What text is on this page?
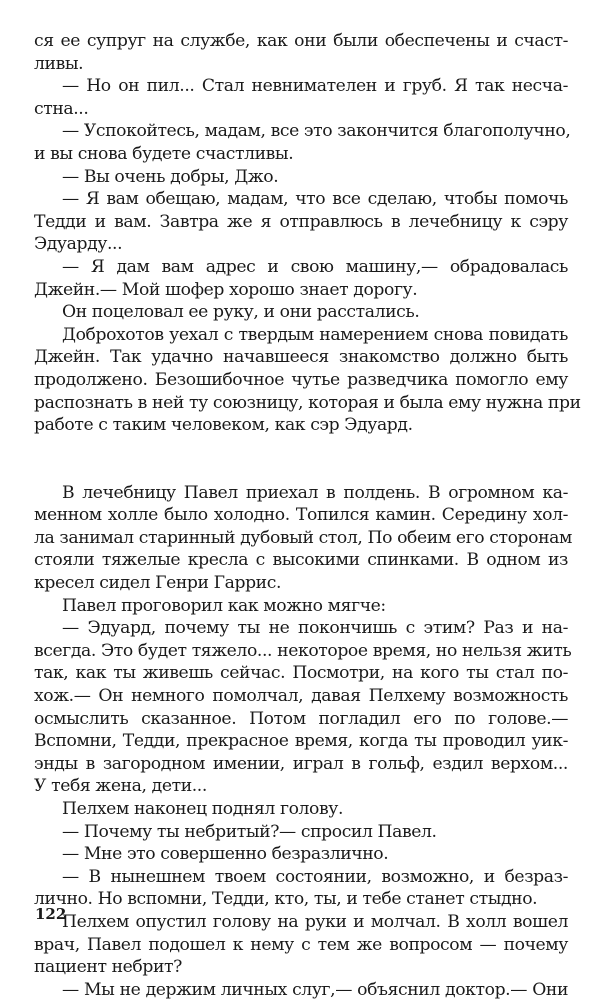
ся ее супруг на службе, как они были обеспечены и счаст-
ливы.
— Но он пил... Стал невнимателен и груб. Я так несча-
стна...
— Успокойтесь, мадам, все это закончится благополучно,
и вы снова будете счастливы.
— Вы очень добры, Джо.
— Я вам обещаю, мадам, что все сделаю, чтобы помочь
Тедди и вам. Завтра же я отправлюсь в лечебницу к сэру
Эдуарду...
— Я дам вам адрес и свою машину,— обрадовалась
Джейн.— Мой шофер хорошо знает дорогу.
Он поцеловал ее руку, и они расстались.
Доброхотов уехал с твердым намерением снова повидать
Джейн. Так удачно начавшееся знакомство должно быть
продолжено. Безошибочное чутье разведчика помогло ему
распознать в ней ту союзницу, которая и была ему нужна при
работе с таким человеком, как сэр Эдуард.
В лечебницу Павел приехал в полдень. В огромном ка-
менном холле было холодно. Топился камин. Середину хол-
ла занимал старинный дубовый стол, По обеим его сторонам
стояли тяжелые кресла с высокими спинками. В одном из
кресел сидел Генри Гаррис.
Павел проговорил как можно мягче:
— Эдуард, почему ты не покончишь с этим? Раз и на-
всегда. Это будет тяжело... некоторое время, но нельзя жить
так, как ты живешь сейчас. Посмотри, на кого ты стал по-
хож.— Он немного помолчал, давая Пелхему возможность
осмыслить сказанное. Потом погладил его по голове.—
Вспомни, Тедди, прекрасное время, когда ты проводил уик-
энды в загородном имении, играл в гольф, ездил верхом...
У тебя жена, дети...
Пелхем наконец поднял голову.
— Почему ты небритый?— спросил Павел.
— Мне это совершенно безразлично.
— В нынешнем твоем состоянии, возможно, и безраз-
лично. Но вспомни, Тедди, кто, ты, и тебе станет стыдно.
Пелхем опустил голову на руки и молчал. В холл вошел
врач, Павел подошел к нему с тем же вопросом — почему
пациент небрит?
— Мы не держим личных слуг,— объяснил доктор.— Они
122
